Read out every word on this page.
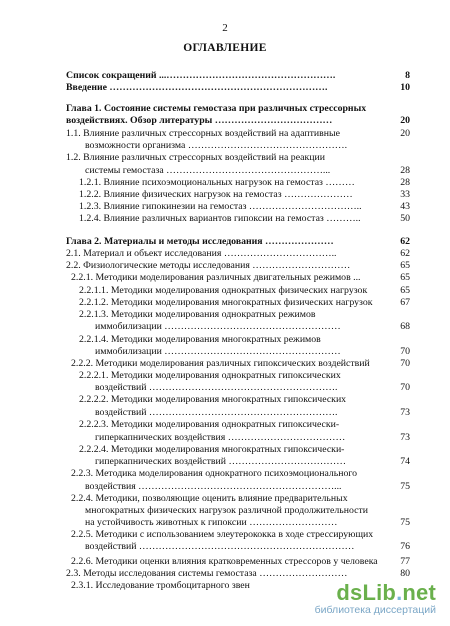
2
ОГЛАВЛЕНИЕ
Список сокращений ...…………………………………………….	8
Введение ………………………………………………………….	10
Глава 1. Состояние системы гемостаза при различных стрессорных
воздействиях. Обзор литературы ………………………………	20
1.1. Влияние различных стрессорных воздействий на адаптивные	20
возможности организма ………………………………………….
1.2. Влияние различных стрессорных воздействий на реакции
системы гемостаза …………………………………………...	28
1.2.1. Влияние психоэмоциональных нагрузок на гемостаз ………	28
1.2.2. Влияние физических нагрузок на гемостаз …………………	33
1.2.3. Влияние гипокинезии на гемостаз ……………………………..	43
1.2.4. Влияние различных вариантов гипоксии на гемостаз ………..	50
Глава 2. Материалы и методы исследования …………………	62
2.1. Материал и объект исследования ……………………………..	62
2.2. Физиологические методы исследования …………………………	65
2.2.1. Методики моделирования различных двигательных режимов ...	65
2.2.1.1. Методики моделирования однократных физических нагрузок	65
2.2.1.2. Методики моделирования многократных физических нагрузок	67
2.2.1.3. Методики моделирования однократных режимов
иммобилизации ………………………………………………	68
2.2.1.4. Методики моделирования многократных режимов
иммобилизации ………………………………………………	70
2.2.2. Методики моделирования различных гипоксических воздействий	70
2.2.2.1. Методики моделирования однократных гипоксических
воздействий ………………………………………………….	70
2.2.2.2. Методики моделирования многократных гипоксических
воздействий ………………………………………………….	73
2.2.2.3. Методики моделирования однократных гипоксически-
гиперкапнических воздействия ………………………………	73
2.2.2.4. Методики моделирования многократных гипоксически-
гиперкапнических воздействий ………………………………	74
2.2.3. Методика моделирования однократного психоэмоционального
воздействия ……………………………………………………...	75
2.2.4. Методики, позволяющие оценить влияние предварительных
многократных физических нагрузок различной продолжительности
на устойчивость животных к гипоксии ………………………	75
2.2.5. Методики с использованием элеутерококка в ходе стрессирующих
воздействий …………………………………………………………	76
2.2.6. Методики оценки влияния кратковременных стрессоров у человека 77
2.3. Методы исследования системы гемостаза ………………………	80
2.3.1. Исследование тромбоцитарного звен	dsLib.net
библиотека диссертаций
